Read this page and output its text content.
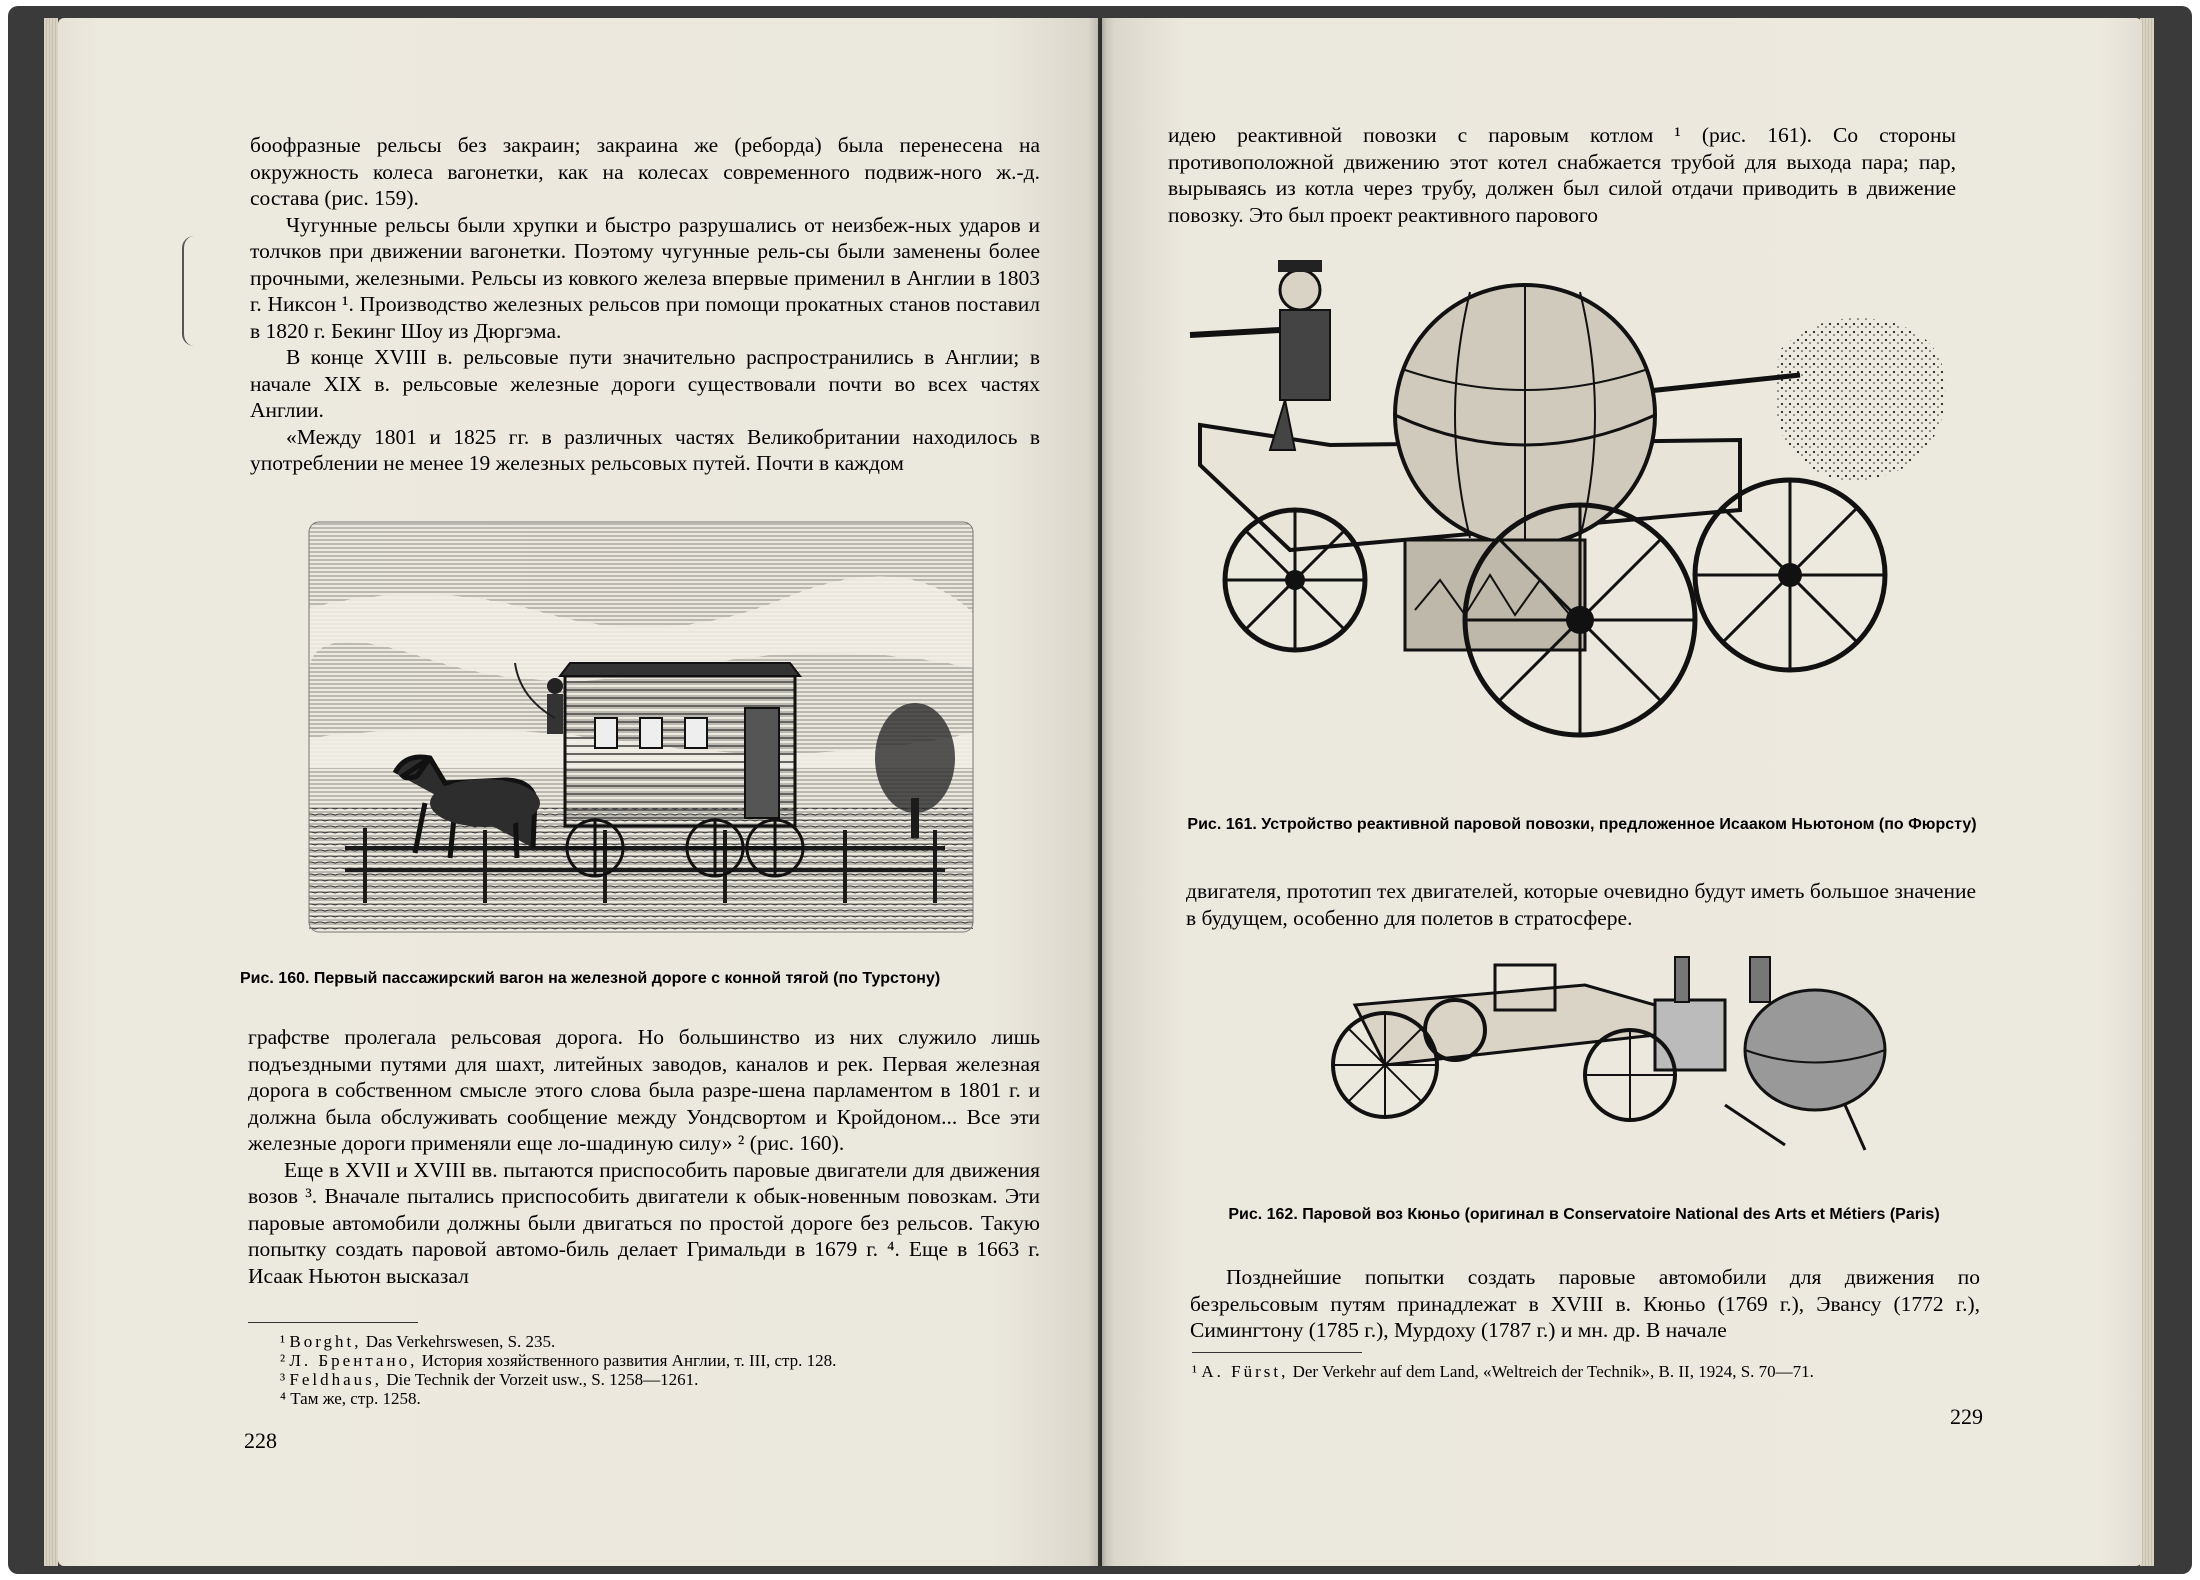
боофразные рельсы без закраин; закраина же (реборда) была перенесена на окружность колеса вагонетки, как на колесах современного подвиж-ного ж.-д. состава (рис. 159).

Чугунные рельсы были хрупки и быстро разрушались от неизбеж-ных ударов и толчков при движении вагонетки. Поэтому чугунные рель-сы были заменены более прочными, железными. Рельсы из ковкого железа впервые применил в Англии в 1803 г. Никсон ¹. Производство железных рельсов при помощи прокатных станов поставил в 1820 г. Бекинг Шоу из Дюргэма.

В конце XVIII в. рельсовые пути значительно распространились в Англии; в начале XIX в. рельсовые железные дороги существовали почти во всех частях Англии.

«Между 1801 и 1825 гг. в различных частях Великобритании находилось в употреблении не менее 19 железных рельсовых путей. Почти в каждом

Рис. 160. Первый пассажирский вагон на железной дороге с конной тягой (по Турстону)

графстве пролегала рельсовая дорога. Но большинство из них служило лишь подъездными путями для шахт, литейных заводов, каналов и рек. Первая железная дорога в собственном смысле этого слова была разре-шена парламентом в 1801 г. и должна была обслуживать сообщение между Уондсвортом и Кройдоном... Все эти железные дороги применяли еще ло-шадиную силу» ² (рис. 160).

Еще в XVII и XVIII вв. пытаются приспособить паровые двигатели для движения возов ³. Вначале пытались приспособить двигатели к обык-новенным повозкам. Эти паровые автомобили должны были двигаться по простой дороге без рельсов. Такую попытку создать паровой автомо-биль делает Гримальди в 1679 г. ⁴. Еще в 1663 г. Исаак Ньютон высказал

¹ Borght, Das Verkehrswesen, S. 235.

² Л. Брентано, История хозяйственного развития Англии, т. III, стр. 128.

³ Feldhaus, Die Technik der Vorzeit usw., S. 1258—1261.

⁴ Там же, стр. 1258.

228

идею реактивной повозки с паровым котлом ¹ (рис. 161). Со стороны противоположной движению этот котел снабжается трубой для выхода пара; пар, вырываясь из котла через трубу, должен был силой отдачи приводить в движение повозку. Это был проект реактивного парового

Рис. 161. Устройство реактивной паровой повозки, предложенное Исааком Ньютоном (по Фюрсту)

двигателя, прототип тех двигателей, которые очевидно будут иметь большое значение в будущем, особенно для полетов в стратосфере.

Рис. 162. Паровой воз Кюньо (оригинал в Conservatoire National des Arts et Métiers (Paris)

Позднейшие попытки создать паровые автомобили для движения по безрельсовым путям принадлежат в XVIII в. Кюньо (1769 г.), Эвансу (1772 г.), Симингтону (1785 г.), Мурдоху (1787 г.) и мн. др. В начале

¹ A. Fürst, Der Verkehr auf dem Land, «Weltreich der Technik», B. II, 1924, S. 70—71.

229
